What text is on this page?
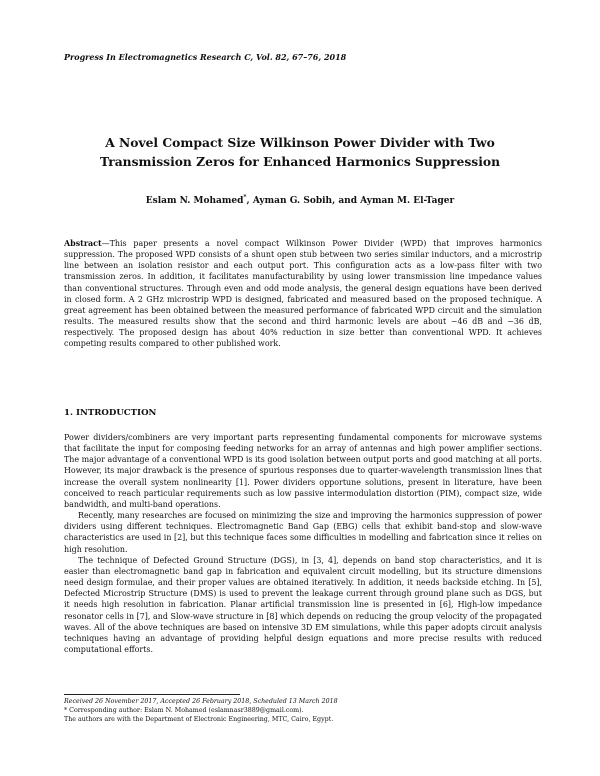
Progress In Electromagnetics Research C, Vol. 82, 67–76, 2018
A Novel Compact Size Wilkinson Power Divider with Two Transmission Zeros for Enhanced Harmonics Suppression
Eslam N. Mohamed*, Ayman G. Sobih, and Ayman M. El-Tager

Abstract—This paper presents a novel compact Wilkinson Power Divider (WPD) that improves harmonics suppression. The proposed WPD consists of a shunt open stub between two series similar inductors, and a microstrip line between an isolation resistor and each output port. This configuration acts as a low-pass filter with two transmission zeros. In addition, it facilitates manufacturability by using lower transmission line impedance values than conventional structures. Through even and odd mode analysis, the general design equations have been derived in closed form. A 2 GHz microstrip WPD is designed, fabricated and measured based on the proposed technique. A great agreement has been obtained between the measured performance of fabricated WPD circuit and the simulation results. The measured results show that the second and third harmonic levels are about −46 dB and −36 dB, respectively. The proposed design has about 40% reduction in size better than conventional WPD. It achieves competing results compared to other published work.

1. INTRODUCTION

Power dividers/combiners are very important parts representing fundamental components for microwave systems that facilitate the input for composing feeding networks for an array of antennas and high power amplifier sections. The major advantage of a conventional WPD is its good isolation between output ports and good matching at all ports. However, its major drawback is the presence of spurious responses due to quarter-wavelength transmission lines that increase the overall system nonlinearity [1]. Power dividers opportune solutions, present in literature, have been conceived to reach particular requirements such as low passive intermodulation distortion (PIM), compact size, wide bandwidth, and multi-band operations.

Recently, many researches are focused on minimizing the size and improving the harmonics suppression of power dividers using different techniques. Electromagnetic Band Gap (EBG) cells that exhibit band-stop and slow-wave characteristics are used in [2], but this technique faces some difficulties in modelling and fabrication since it relies on high resolution.

The technique of Defected Ground Structure (DGS), in [3, 4], depends on band stop characteristics, and it is easier than electromagnetic band gap in fabrication and equivalent circuit modelling, but its structure dimensions need design formulae, and their proper values are obtained iteratively. In addition, it needs backside etching. In [5], Defected Microstrip Structure (DMS) is used to prevent the leakage current through ground plane such as DGS, but it needs high resolution in fabrication. Planar artificial transmission line is presented in [6], High-low impedance resonator cells in [7], and Slow-wave structure in [8] which depends on reducing the group velocity of the propagated waves. All of the above techniques are based on intensive 3D EM simulations, while this paper adopts circuit analysis techniques having an advantage of providing helpful design equations and more precise results with reduced computational efforts.

Received 26 November 2017, Accepted 26 February 2018, Scheduled 13 March 2018
* Corresponding author: Eslam N. Mohamed (eslamnasr3889@gmail.com).
The authors are with the Department of Electronic Engineering, MTC, Cairo, Egypt.
